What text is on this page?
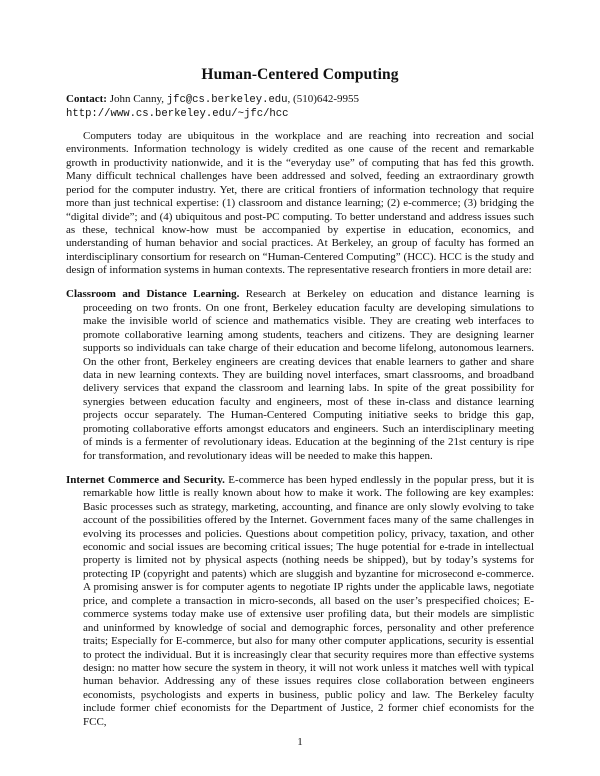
Human-Centered Computing
Contact: John Canny, jfc@cs.berkeley.edu, (510)642-9955
http://www.cs.berkeley.edu/~jfc/hcc

Computers today are ubiquitous in the workplace and are reaching into recreation and social environments. Information technology is widely credited as one cause of the recent and remarkable growth in productivity nationwide, and it is the “everyday use” of computing that has fed this growth. Many difficult technical challenges have been addressed and solved, feeding an extraordinary growth period for the computer industry. Yet, there are critical frontiers of information technology that require more than just technical expertise: (1) classroom and distance learning; (2) e-commerce; (3) bridging the “digital divide”; and (4) ubiquitous and post-PC computing. To better understand and address issues such as these, technical know-how must be accompanied by expertise in education, economics, and understanding of human behavior and social practices. At Berkeley, an group of faculty has formed an interdisciplinary consortium for research on “Human-Centered Computing” (HCC). HCC is the study and design of information systems in human contexts. The representative research frontiers in more detail are:

Classroom and Distance Learning. Research at Berkeley on education and distance learning is proceeding on two fronts. On one front, Berkeley education faculty are developing simulations to make the invisible world of science and mathematics visible. They are creating web interfaces to promote collaborative learning among students, teachers and citizens. They are designing learner supports so individuals can take charge of their education and become lifelong, autonomous learners. On the other front, Berkeley engineers are creating devices that enable learners to gather and share data in new learning contexts. They are building novel interfaces, smart classrooms, and broadband delivery services that expand the classroom and learning labs. In spite of the great possibility for synergies between education faculty and engineers, most of these in-class and distance learning projects occur separately. The Human-Centered Computing initiative seeks to bridge this gap, promoting collaborative efforts amongst educators and engineers. Such an interdisciplinary meeting of minds is a fermenter of revolutionary ideas. Education at the beginning of the 21st century is ripe for transformation, and revolutionary ideas will be needed to make this happen.
Internet Commerce and Security. E-commerce has been hyped endlessly in the popular press, but it is remarkable how little is really known about how to make it work. The following are key examples: Basic processes such as strategy, marketing, accounting, and finance are only slowly evolving to take account of the possibilities offered by the Internet. Government faces many of the same challenges in evolving its processes and policies. Questions about competition policy, privacy, taxation, and other economic and social issues are becoming critical issues; The huge potential for e-trade in intellectual property is limited not by physical aspects (nothing needs be shipped), but by today’s systems for protecting IP (copyright and patents) which are sluggish and byzantine for microsecond e-commerce. A promising answer is for computer agents to negotiate IP rights under the applicable laws, negotiate price, and complete a transaction in micro-seconds, all based on the user’s prespecified choices; E-commerce systems today make use of extensive user profiling data, but their models are simplistic and uninformed by knowledge of social and demographic forces, personality and other preference traits; Especially for E-commerce, but also for many other computer applications, security is essential to protect the individual. But it is increasingly clear that security requires more than effective systems design: no matter how secure the system in theory, it will not work unless it matches well with typical human behavior. Addressing any of these issues requires close collaboration between engineers economists, psychologists and experts in business, public policy and law. The Berkeley faculty include former chief economists for the Department of Justice, 2 former chief economists for the FCC,
1
